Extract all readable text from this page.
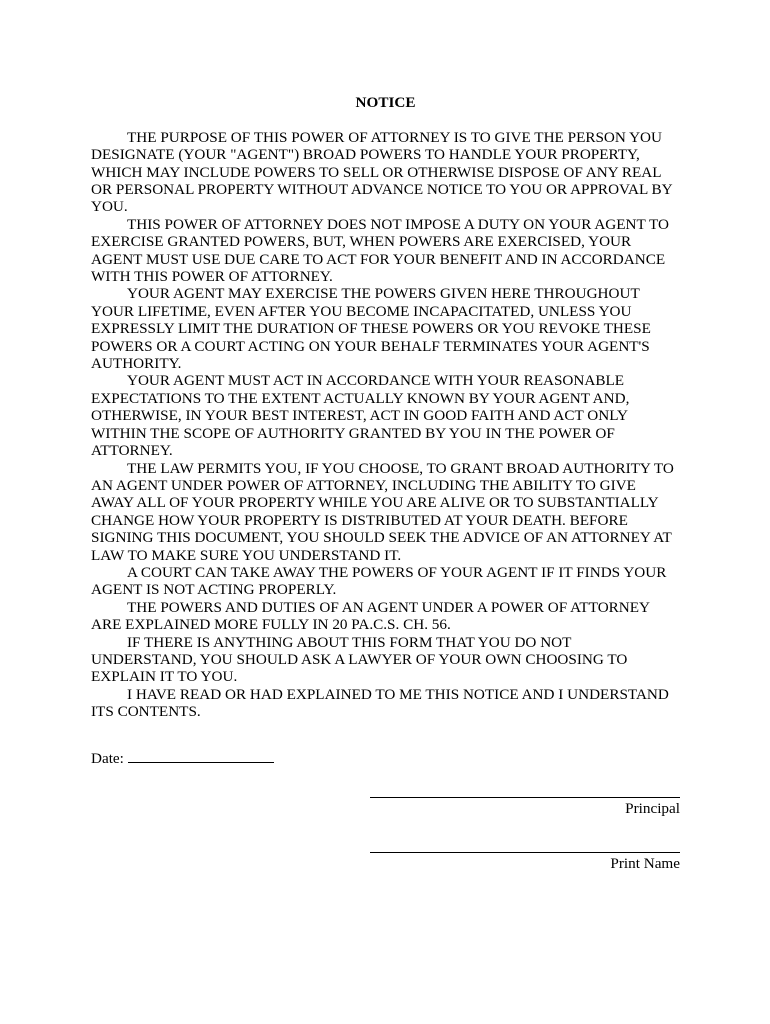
NOTICE

THE PURPOSE OF THIS POWER OF ATTORNEY IS TO GIVE THE PERSON YOU DESIGNATE (YOUR "AGENT") BROAD POWERS TO HANDLE YOUR PROPERTY, WHICH MAY INCLUDE POWERS TO SELL OR OTHERWISE DISPOSE OF ANY REAL OR PERSONAL PROPERTY WITHOUT ADVANCE NOTICE TO YOU OR APPROVAL BY YOU.

THIS POWER OF ATTORNEY DOES NOT IMPOSE A DUTY ON YOUR AGENT TO EXERCISE GRANTED POWERS, BUT, WHEN POWERS ARE EXERCISED, YOUR AGENT MUST USE DUE CARE TO ACT FOR YOUR BENEFIT AND IN ACCORDANCE WITH THIS POWER OF ATTORNEY.

YOUR AGENT MAY EXERCISE THE POWERS GIVEN HERE THROUGHOUT YOUR LIFETIME, EVEN AFTER YOU BECOME INCAPACITATED, UNLESS YOU EXPRESSLY LIMIT THE DURATION OF THESE POWERS OR YOU REVOKE THESE POWERS OR A COURT ACTING ON YOUR BEHALF TERMINATES YOUR AGENT'S AUTHORITY.

YOUR AGENT MUST ACT IN ACCORDANCE WITH YOUR REASONABLE EXPECTATIONS TO THE EXTENT ACTUALLY KNOWN BY YOUR AGENT AND, OTHERWISE, IN YOUR BEST INTEREST, ACT IN GOOD FAITH AND ACT ONLY WITHIN THE SCOPE OF AUTHORITY GRANTED BY YOU IN THE POWER OF ATTORNEY.

THE LAW PERMITS YOU, IF YOU CHOOSE, TO GRANT BROAD AUTHORITY TO AN AGENT UNDER POWER OF ATTORNEY, INCLUDING THE ABILITY TO GIVE AWAY ALL OF YOUR PROPERTY WHILE YOU ARE ALIVE OR TO SUBSTANTIALLY CHANGE HOW YOUR PROPERTY IS DISTRIBUTED AT YOUR DEATH. BEFORE SIGNING THIS DOCUMENT, YOU SHOULD SEEK THE ADVICE OF AN ATTORNEY AT LAW TO MAKE SURE YOU UNDERSTAND IT.

A COURT CAN TAKE AWAY THE POWERS OF YOUR AGENT IF IT FINDS YOUR AGENT IS NOT ACTING PROPERLY.

THE POWERS AND DUTIES OF AN AGENT UNDER A POWER OF ATTORNEY ARE EXPLAINED MORE FULLY IN 20 PA.C.S. CH. 56.

IF THERE IS ANYTHING ABOUT THIS FORM THAT YOU DO NOT UNDERSTAND, YOU SHOULD ASK A LAWYER OF YOUR OWN CHOOSING TO EXPLAIN IT TO YOU.

I HAVE READ OR HAD EXPLAINED TO ME THIS NOTICE AND I UNDERSTAND ITS CONTENTS.

Date:
Principal
Print Name
